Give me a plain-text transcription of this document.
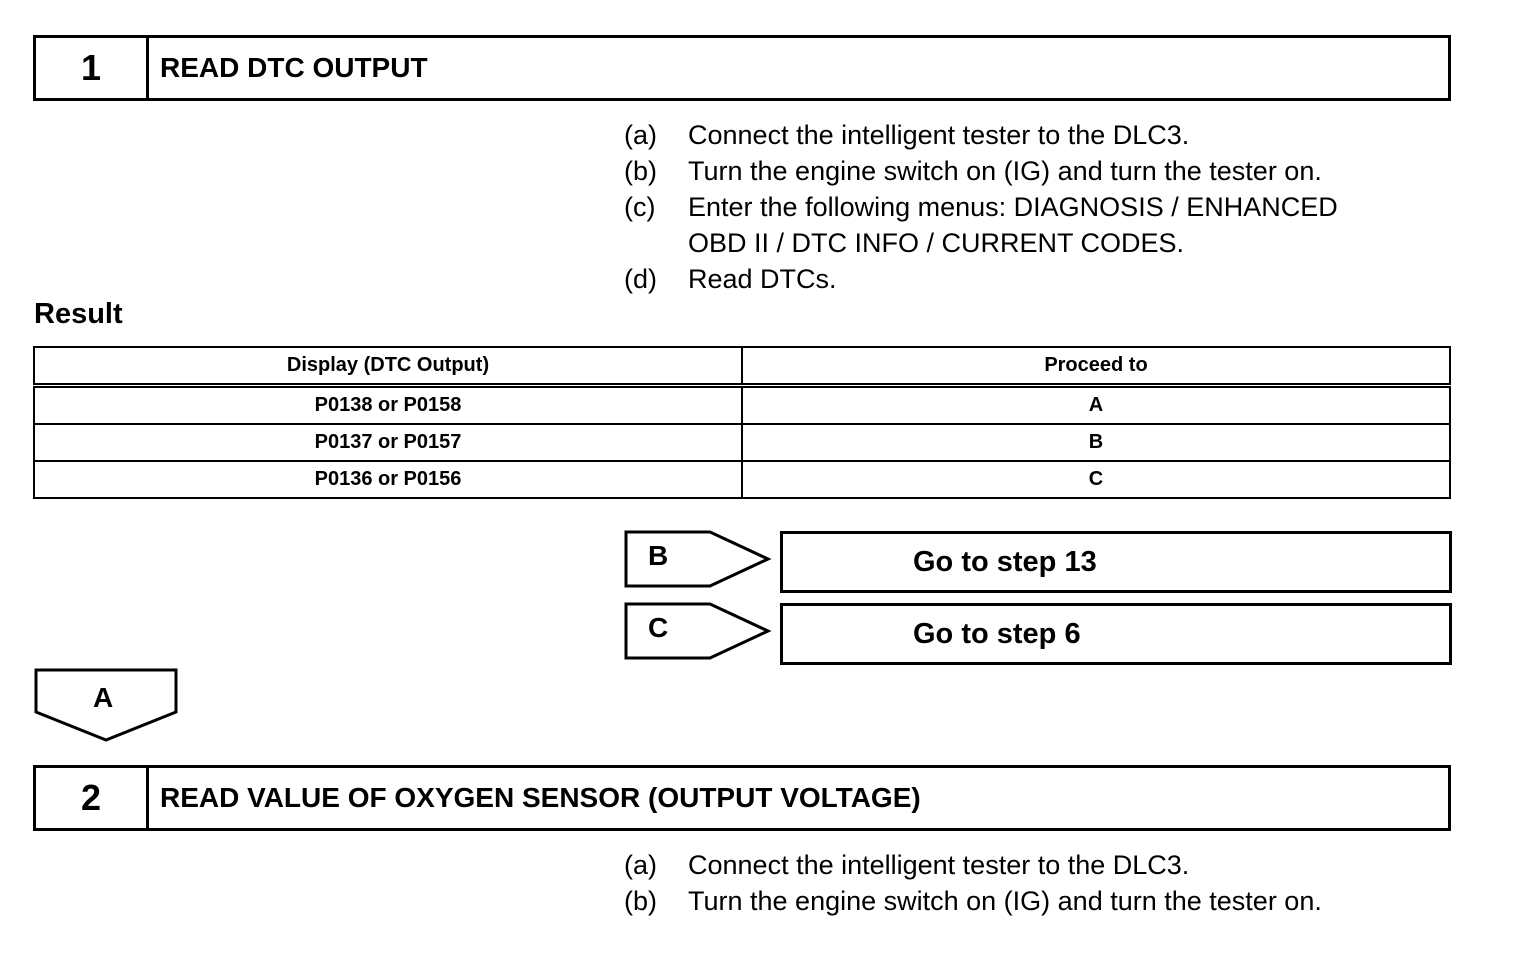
1	READ DTC OUTPUT
(a)	Connect the intelligent tester to the DLC3.
(b)	Turn the engine switch on (IG) and turn the tester on.
(c)	Enter the following menus: DIAGNOSIS / ENHANCED
OBD II / DTC INFO / CURRENT CODES.
(d)	Read DTCs.
Result
Display (DTC Output)	Proceed to
P0138 or P0158	A
P0137 or P0157	B
P0136 or P0156	C
B	Go to step 13
C	Go to step 6
A
2	READ VALUE OF OXYGEN SENSOR (OUTPUT VOLTAGE)
(a)	Connect the intelligent tester to the DLC3.
(b)	Turn the engine switch on (IG) and turn the tester on.
